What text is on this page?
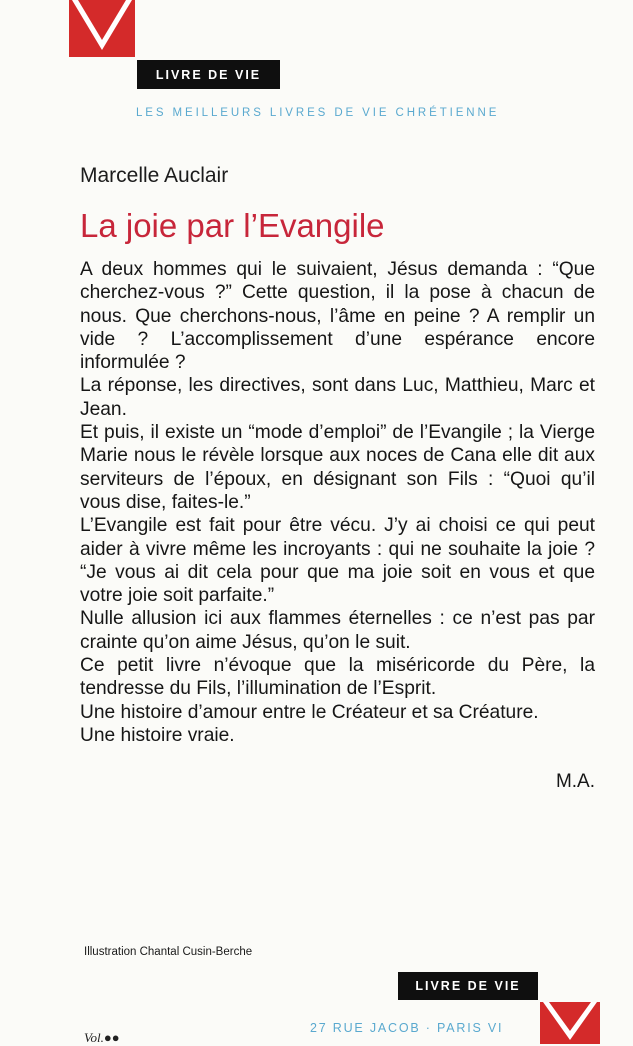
LIVRE DE VIE
LES MEILLEURS LIVRES DE VIE CHRÉTIENNE
Marcelle Auclair
La joie par l’Evangile

A deux hommes qui le suivaient, Jésus demanda : “Que cherchez-vous ?” Cette question, il la pose à chacun de nous. Que cherchons-nous, l’âme en peine ? A remplir un vide ? L’accomplissement d’une espérance encore informulée ?

La réponse, les directives, sont dans Luc, Matthieu, Marc et Jean.

Et puis, il existe un “mode d’emploi” de l’Evangile ; la Vierge Marie nous le révèle lorsque aux noces de Cana elle dit aux serviteurs de l’époux, en désignant son Fils : “Quoi qu’il vous dise, faites-le.”

L’Evangile est fait pour être vécu. J’y ai choisi ce qui peut aider à vivre même les incroyants : qui ne souhaite la joie ? “Je vous ai dit cela pour que ma joie soit en vous et que votre joie soit parfaite.”

Nulle allusion ici aux flammes éternelles : ce n’est pas par crainte qu’on aime Jésus, qu’on le suit.

Ce petit livre n’évoque que la miséricorde du Père, la tendresse du Fils, l’illumination de l’Esprit.

Une histoire d’amour entre le Créateur et sa Créature.

Une histoire vraie.

M.A.
Illustration Chantal Cusin-Berche
LIVRE DE VIE
27 RUE JACOB · PARIS VI
Vol.●●
